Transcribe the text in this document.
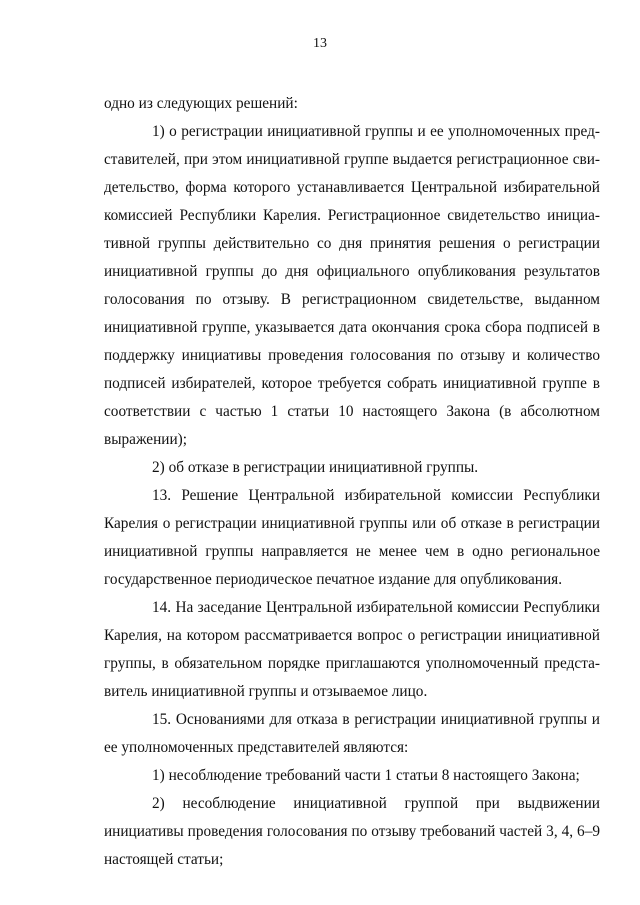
13

одно из следующих решений:

1) о регистрации инициативной группы и ее уполномоченных представителей, при этом инициативной группе выдается регистрационное свидетельство, форма которого устанавливается Центральной избирательной комиссией Республики Карелия. Регистрационное свидетельство инициативной группы действительно со дня принятия решения о регистрации инициативной группы до дня официального опубликования результатов голосования по отзыву. В регистрационном свидетельстве, выданном инициативной группе, указывается дата окончания срока сбора подписей в поддержку инициативы проведения голосования по отзыву и количество подписей избирателей, которое требуется собрать инициативной группе в соответствии с частью 1 статьи 10 настоящего Закона (в абсолютном выражении);

2) об отказе в регистрации инициативной группы.

13. Решение Центральной избирательной комиссии Республики Карелия о регистрации инициативной группы или об отказе в регистрации инициативной группы направляется не менее чем в одно региональное государственное периодическое печатное издание для опубликования.

14. На заседание Центральной избирательной комиссии Республики Карелия, на котором рассматривается вопрос о регистрации инициативной группы, в обязательном порядке приглашаются уполномоченный представитель инициативной группы и отзываемое лицо.

15. Основаниями для отказа в регистрации инициативной группы и ее уполномоченных представителей являются:

1) несоблюдение требований части 1 статьи 8 настоящего Закона;

2) несоблюдение инициативной группой при выдвижении инициативы проведения голосования по отзыву требований частей 3, 4, 6–9 настоящей статьи;
